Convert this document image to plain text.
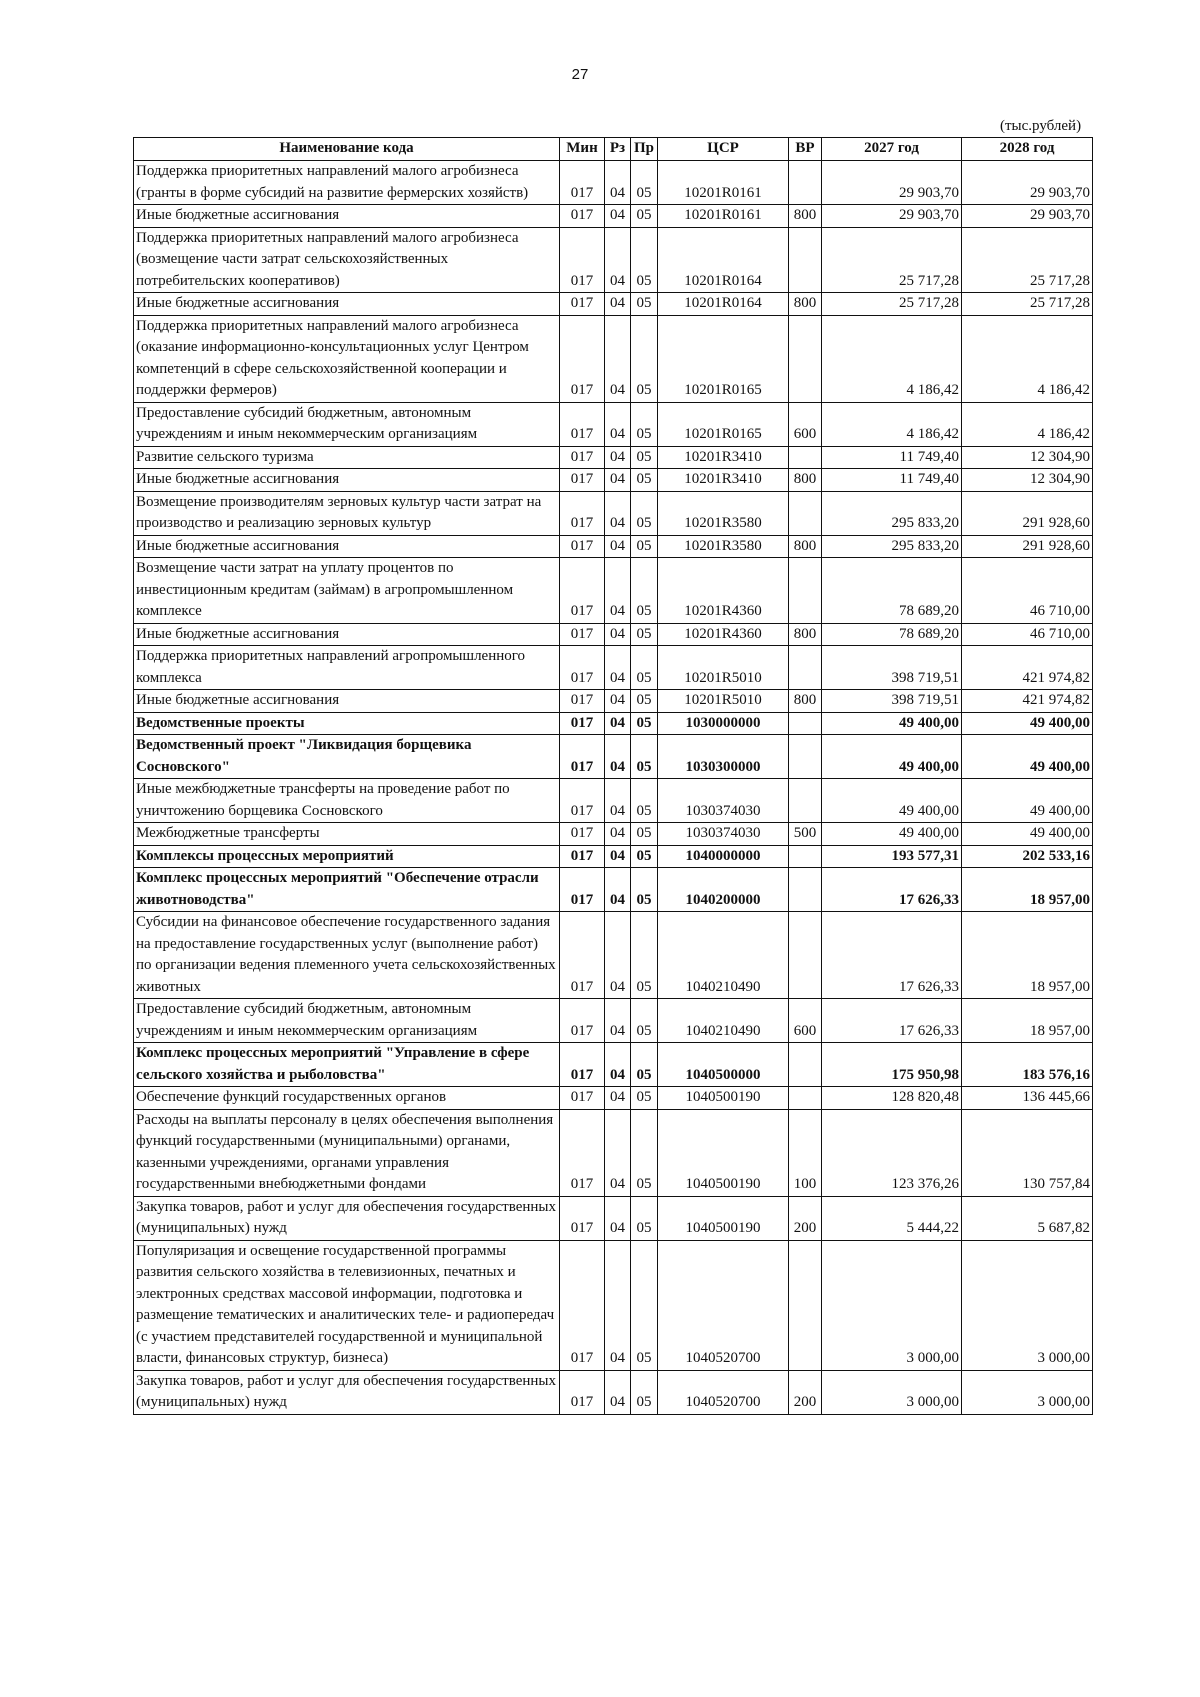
27
(тыс.рублей)
Наименование кода	Мин	Рз	Пр	ЦСР	ВР	2027 год	2028 год
Поддержка приоритетных направлений малого агробизнеса (гранты в форме субсидий на развитие фермерских хозяйств)	017	04	05	10201R0161		29 903,70	29 903,70
Иные бюджетные ассигнования	017	04	05	10201R0161	800	29 903,70	29 903,70
Поддержка приоритетных направлений малого агробизнеса (возмещение части затрат сельскохозяйственных потребительских кооперативов)	017	04	05	10201R0164		25 717,28	25 717,28
Иные бюджетные ассигнования	017	04	05	10201R0164	800	25 717,28	25 717,28
Поддержка приоритетных направлений малого агробизнеса (оказание информационно-консультационных услуг Центром компетенций в сфере сельскохозяйственной кооперации и поддержки фермеров)	017	04	05	10201R0165		4 186,42	4 186,42
Предоставление субсидий бюджетным, автономным учреждениям и иным некоммерческим организациям	017	04	05	10201R0165	600	4 186,42	4 186,42
Развитие сельского туризма	017	04	05	10201R3410		11 749,40	12 304,90
Иные бюджетные ассигнования	017	04	05	10201R3410	800	11 749,40	12 304,90
Возмещение производителям зерновых культур части затрат на производство и реализацию зерновых культур	017	04	05	10201R3580		295 833,20	291 928,60
Иные бюджетные ассигнования	017	04	05	10201R3580	800	295 833,20	291 928,60
Возмещение части затрат на уплату процентов по инвестиционным кредитам (займам) в агропромышленном комплексе	017	04	05	10201R4360		78 689,20	46 710,00
Иные бюджетные ассигнования	017	04	05	10201R4360	800	78 689,20	46 710,00
Поддержка приоритетных направлений агропромышленного комплекса	017	04	05	10201R5010		398 719,51	421 974,82
Иные бюджетные ассигнования	017	04	05	10201R5010	800	398 719,51	421 974,82
Ведомственные проекты	017	04	05	1030000000		49 400,00	49 400,00
Ведомственный проект "Ликвидация борщевика Сосновского"	017	04	05	1030300000		49 400,00	49 400,00
Иные межбюджетные трансферты на проведение работ по уничтожению борщевика Сосновского	017	04	05	1030374030		49 400,00	49 400,00
Межбюджетные трансферты	017	04	05	1030374030	500	49 400,00	49 400,00
Комплексы процессных мероприятий	017	04	05	1040000000		193 577,31	202 533,16
Комплекс процессных мероприятий "Обеспечение отрасли животноводства"	017	04	05	1040200000		17 626,33	18 957,00
Субсидии на финансовое обеспечение государственного задания на предоставление государственных услуг (выполнение работ) по организации ведения племенного учета сельскохозяйственных животных	017	04	05	1040210490		17 626,33	18 957,00
Предоставление субсидий бюджетным, автономным учреждениям и иным некоммерческим организациям	017	04	05	1040210490	600	17 626,33	18 957,00
Комплекс процессных мероприятий "Управление в сфере сельского хозяйства и рыболовства"	017	04	05	1040500000		175 950,98	183 576,16
Обеспечение функций государственных органов	017	04	05	1040500190		128 820,48	136 445,66
Расходы на выплаты персоналу в целях обеспечения выполнения функций государственными (муниципальными) органами, казенными учреждениями, органами управления государственными внебюджетными фондами	017	04	05	1040500190	100	123 376,26	130 757,84
Закупка товаров, работ и услуг для обеспечения государственных (муниципальных) нужд	017	04	05	1040500190	200	5 444,22	5 687,82
Популяризация и освещение государственной программы развития сельского хозяйства в телевизионных, печатных и электронных средствах массовой информации, подготовка и размещение тематических и аналитических теле- и радиопередач (с участием представителей государственной и муниципальной власти, финансовых структур, бизнеса)	017	04	05	1040520700		3 000,00	3 000,00
Закупка товаров, работ и услуг для обеспечения государственных (муниципальных) нужд	017	04	05	1040520700	200	3 000,00	3 000,00
